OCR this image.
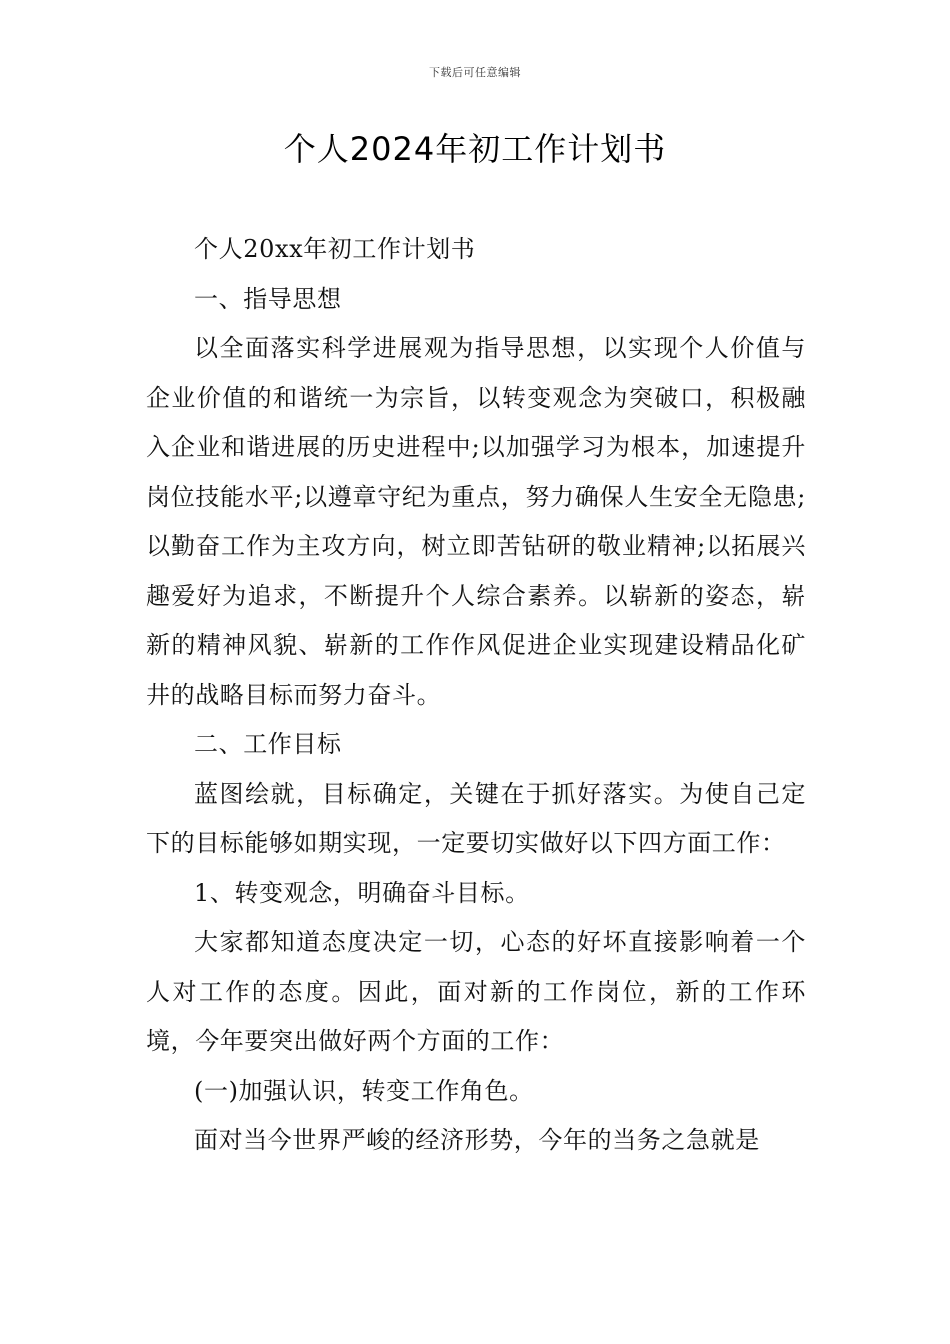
下载后可任意编辑
个人2024年初工作计划书

个人20xx年初工作计划书

一、指导思想

以全面落实科学进展观为指导思想，以实现个人价值与企业价值的和谐统一为宗旨，以转变观念为突破口，积极融入企业和谐进展的历史进程中;以加强学习为根本，加速提升岗位技能水平;以遵章守纪为重点，努力确保人生安全无隐患;以勤奋工作为主攻方向，树立即苦钻研的敬业精神;以拓展兴趣爱好为追求，不断提升个人综合素养。以崭新的姿态，崭新的精神风貌、崭新的工作作风促进企业实现建设精品化矿井的战略目标而努力奋斗。

二、工作目标

蓝图绘就，目标确定，关键在于抓好落实。为使自己定下的目标能够如期实现，一定要切实做好以下四方面工作：

1、转变观念，明确奋斗目标。

大家都知道态度决定一切，心态的好坏直接影响着一个人对工作的态度。因此，面对新的工作岗位，新的工作环境，今年要突出做好两个方面的工作：

(一)加强认识，转变工作角色。

面对当今世界严峻的经济形势，今年的当务之急就是
